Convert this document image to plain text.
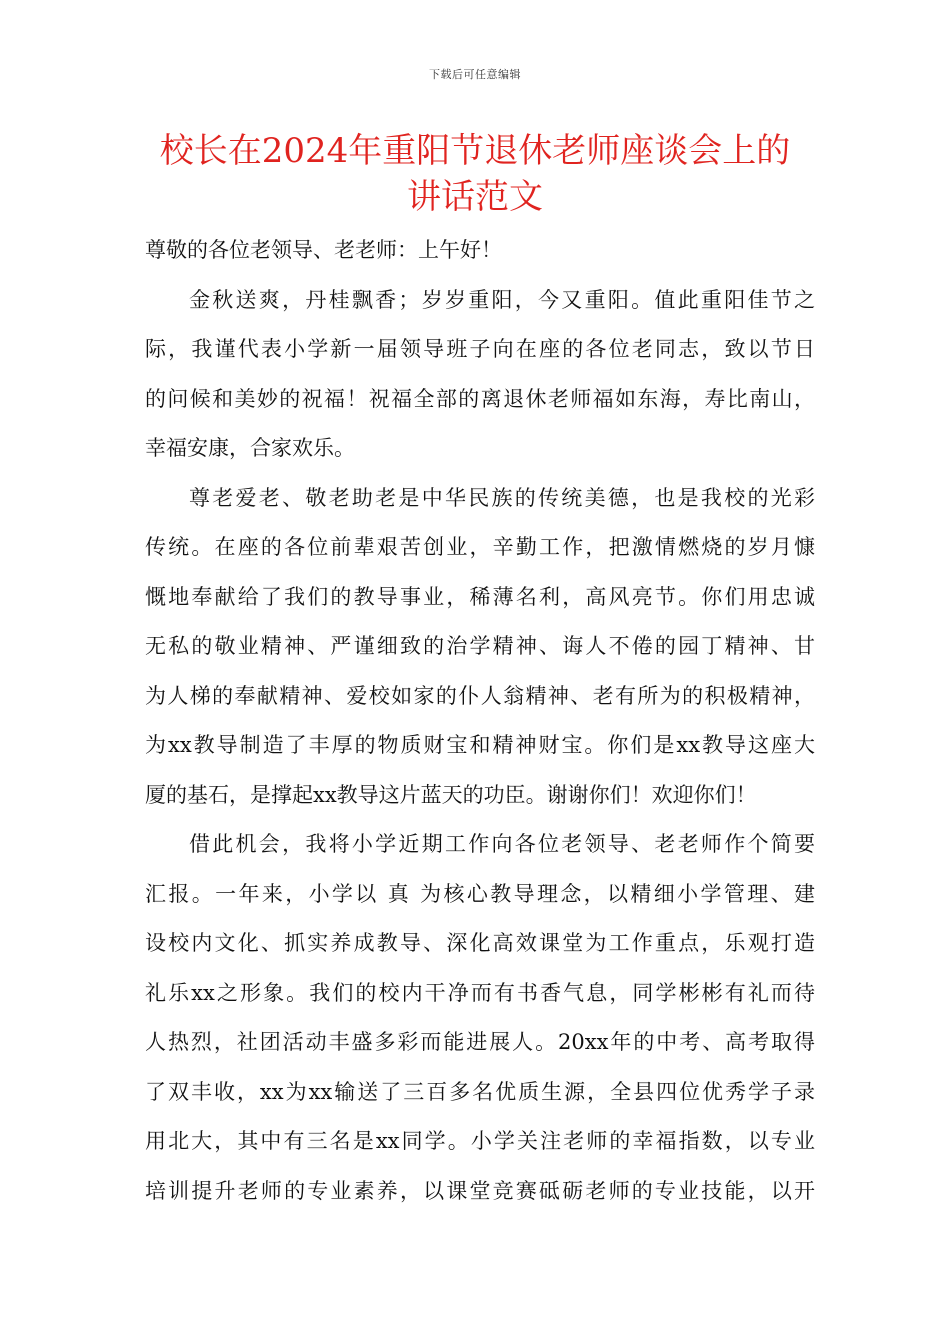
下载后可任意编辑
校长在2024年重阳节退休老师座谈会上的
讲话范文
尊敬的各位老领导、老老师：上午好！
金秋送爽，丹桂飘香；岁岁重阳，今又重阳。值此重阳佳节之
际，我谨代表小学新一届领导班子向在座的各位老同志，致以节日
的问候和美妙的祝福！祝福全部的离退休老师福如东海，寿比南山，
幸福安康，合家欢乐。
尊老爱老、敬老助老是中华民族的传统美德，也是我校的光彩
传统。在座的各位前辈艰苦创业，辛勤工作，把激情燃烧的岁月慷
慨地奉献给了我们的教导事业，稀薄名利，高风亮节。你们用忠诚
无私的敬业精神、严谨细致的治学精神、诲人不倦的园丁精神、甘
为人梯的奉献精神、爱校如家的仆人翁精神、老有所为的积极精神，
为xx教导制造了丰厚的物质财宝和精神财宝。你们是xx教导这座大
厦的基石，是撑起xx教导这片蓝天的功臣。谢谢你们！欢迎你们！
借此机会，我将小学近期工作向各位老领导、老老师作个简要
汇报。一年来，小学以 真 为核心教导理念，以精细小学管理、建
设校内文化、抓实养成教导、深化高效课堂为工作重点，乐观打造
礼乐xx之形象。我们的校内干净而有书香气息，同学彬彬有礼而待
人热烈，社团活动丰盛多彩而能进展人。20xx年的中考、高考取得
了双丰收，xx为xx输送了三百多名优质生源，全县四位优秀学子录
用北大，其中有三名是xx同学。小学关注老师的幸福指数，以专业
培训提升老师的专业素养，以课堂竞赛砥砺老师的专业技能，以开
